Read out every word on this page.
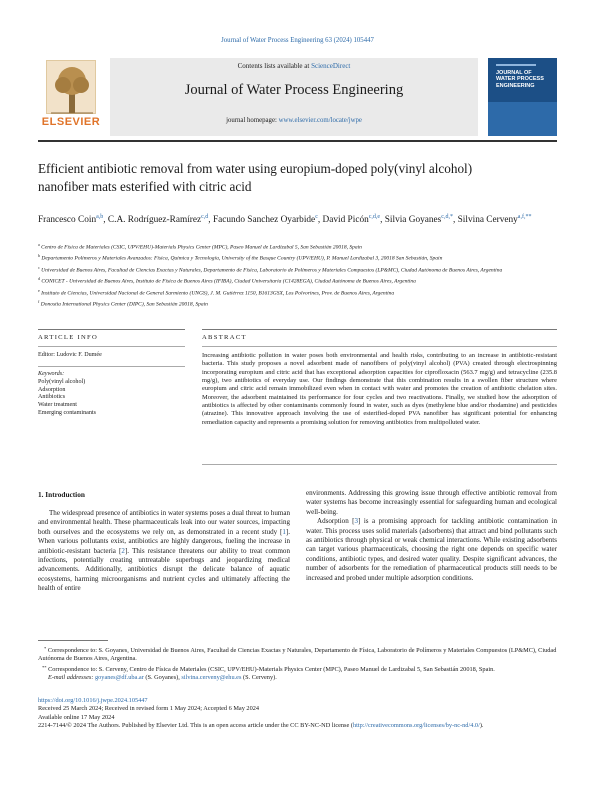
Journal of Water Process Engineering 63 (2024) 105447
ELSEVIER
Contents lists available at ScienceDirect
Journal of Water Process Engineering
journal homepage: www.elsevier.com/locate/jwpe
JOURNAL OF
WATER PROCESS
ENGINEERING
Efficient antibiotic removal from water using europium-doped poly(vinyl alcohol) nanofiber mats esterified with citric acid
Francesco Coin$^{a,b}$, C.A. Rodríguez-Ramírez$^{c,d}$, Facundo Sanchez Oyarbide$^c$, David Picón$^{c,d,e}$, Silvia Goyanes$^{c,d,*}$, Silvina Cerveny$^{a,f,**}$
$^a$ Centro de Física de Materiales (CSIC, UPV/EHU)-Materials Physics Center (MPC), Paseo Manuel de Lardizabal 5, San Sebastián 20018, Spain
$^b$ Departamento Polímeros y Materiales Avanzados: Física, Química y Tecnología, University of the Basque Country (UPV/EHU), P. Manuel Lardizabal 3, 20018 San Sebastián, Spain
$^c$ Universidad de Buenos Aires, Facultad de Ciencias Exactas y Naturales, Departamento de Física, Laboratorio de Polímeros y Materiales Compuestos (LP&MC), Ciudad Autónoma de Buenos Aires, Argentina
$^d$ CONICET - Universidad de Buenos Aires, Instituto de Física de Buenos Aires (IFIBA), Ciudad Universitaria (C1428EGA), Ciudad Autónoma de Buenos Aires, Argentina
$^e$ Instituto de Ciencias, Universidad Nacional de General Sarmiento (UNGS), J. M. Gutiérrez 1150, B1613GSX, Los Polvorines, Prov. de Buenos Aires, Argentina
$^f$ Donostia International Physics Center (DIPC), San Sebastián 20018, Spain
ARTICLE INFO
Editor: Ludovic F. Dumée
Keywords:
Poly(vinyl alcohol)
Adsorption
Antibiotics
Water treatment
Emerging contaminants
ABSTRACT
Increasing antibiotic pollution in water poses both environmental and health risks, contributing to an increase in antibiotic-resistant bacteria. This study proposes a novel adsorbent made of nanofibers of poly(vinyl alcohol) (PVA) created through electrospinning incorporating europium and citric acid that has exceptional adsorption capacities for ciprofloxacin (563.7 mg/g) and tetracycline (235.8 mg/g), two antibiotics of everyday use. Our findings demonstrate that this combination results in a swollen fiber structure where europium and citric acid remain immobilized even when in contact with water and promotes the creation of antibiotic chelation sites. Moreover, the adsorbent maintained its performance for four cycles and two reactivations. Finally, we studied how the adsorption of antibiotics is affected by other contaminants commonly found in water, such as dyes (methylene blue and/or rhodamine) and pesticides (atrazine). This innovative approach involving the use of esterified-doped PVA nanofiber has significant potential for enhancing remediation capacity and represents a promising solution for removing antibiotics from multipolluted water.
1. Introduction

The widespread presence of antibiotics in water systems poses a dual threat to human and environmental health. These pharmaceuticals leak into our water sources, impacting both ourselves and the ecosystems we rely on, as demonstrated in a recent study [1]. When various pollutants exist, antibiotics are highly dangerous, fueling the increase in antibiotic-resistant bacteria [2]. This resistance threatens our ability to treat common infections, potentially creating untreatable superbugs and jeopardizing medical advancements. Additionally, antibiotics disrupt the delicate balance of aquatic ecosystems, harming microorganisms and nutrient cycles and ultimately affecting the health of entire

environments. Addressing this growing issue through effective antibiotic removal from water systems has become increasingly essential for safeguarding human and ecological well-being.

Adsorption [3] is a promising approach for tackling antibiotic contamination in water. This process uses solid materials (adsorbents) that attract and bind pollutants such as antibiotics through physical or weak chemical interactions. While existing adsorbents can target various pharmaceuticals, choosing the right one depends on specific water conditions, antibiotic types, and desired water quality. Despite significant advances, the number of adsorbents for the remediation of pharmaceutical products still needs to be increased and probed under multiple adsorption conditions.

* Correspondence to: S. Goyanes, Universidad de Buenos Aires, Facultad de Ciencias Exactas y Naturales, Departamento de Física, Laboratorio de Polímeros y Materiales Compuestos (LP&MC), Ciudad Autónoma de Buenos Aires, Argentina.
** Correspondence to: S. Cerveny, Centro de Física de Materiales (CSIC, UPV/EHU)-Materials Physics Center (MPC), Paseo Manuel de Lardizabal 5, San Sebastián 20018, Spain.
E-mail addresses: goyanes@df.uba.ar (S. Goyanes), silvina.cerveny@ehu.es (S. Cerveny).
https://doi.org/10.1016/j.jwpe.2024.105447
Received 25 March 2024; Received in revised form 1 May 2024; Accepted 6 May 2024
Available online 17 May 2024
2214-7144/© 2024 The Authors. Published by Elsevier Ltd. This is an open access article under the CC BY-NC-ND license (http://creativecommons.org/licenses/by-nc-nd/4.0/).
